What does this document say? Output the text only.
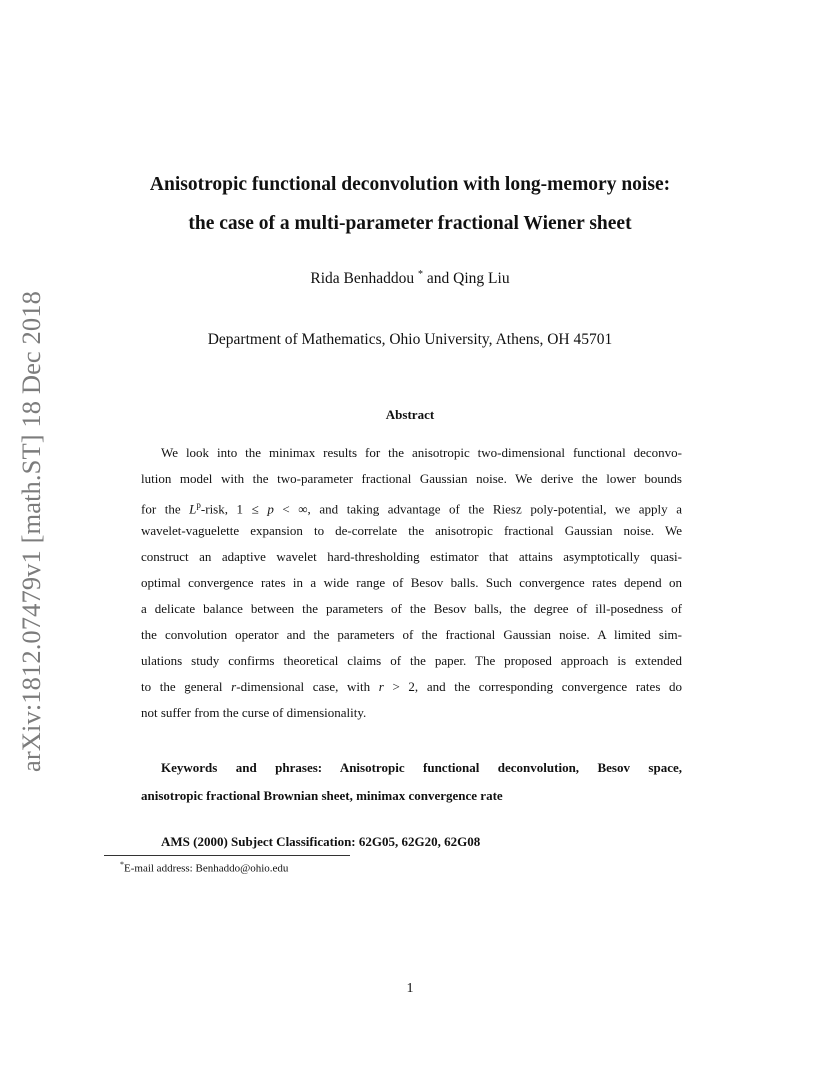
arXiv:1812.07479v1 [math.ST] 18 Dec 2018
Anisotropic functional deconvolution with long-memory noise:
the case of a multi-parameter fractional Wiener sheet
Rida Benhaddou * and Qing Liu
Department of Mathematics, Ohio University, Athens, OH 45701
Abstract
We look into the minimax results for the anisotropic two-dimensional functional deconvo-
lution model with the two-parameter fractional Gaussian noise. We derive the lower bounds
for the $L^p$-risk, 1 ≤ p < ∞, and taking advantage of the Riesz poly-potential, we apply a
wavelet-vaguelette expansion to de-correlate the anisotropic fractional Gaussian noise. We
construct an adaptive wavelet hard-thresholding estimator that attains asymptotically quasi-
optimal convergence rates in a wide range of Besov balls. Such convergence rates depend on
a delicate balance between the parameters of the Besov balls, the degree of ill-posedness of
the convolution operator and the parameters of the fractional Gaussian noise. A limited sim-
ulations study confirms theoretical claims of the paper. The proposed approach is extended
to the general r-dimensional case, with r > 2, and the corresponding convergence rates do
not suffer from the curse of dimensionality.
Keywords and phrases: Anisotropic functional deconvolution, Besov space,
anisotropic fractional Brownian sheet, minimax convergence rate
AMS (2000) Subject Classification: 62G05, 62G20, 62G08
*E-mail address: Benhaddo@ohio.edu
1
